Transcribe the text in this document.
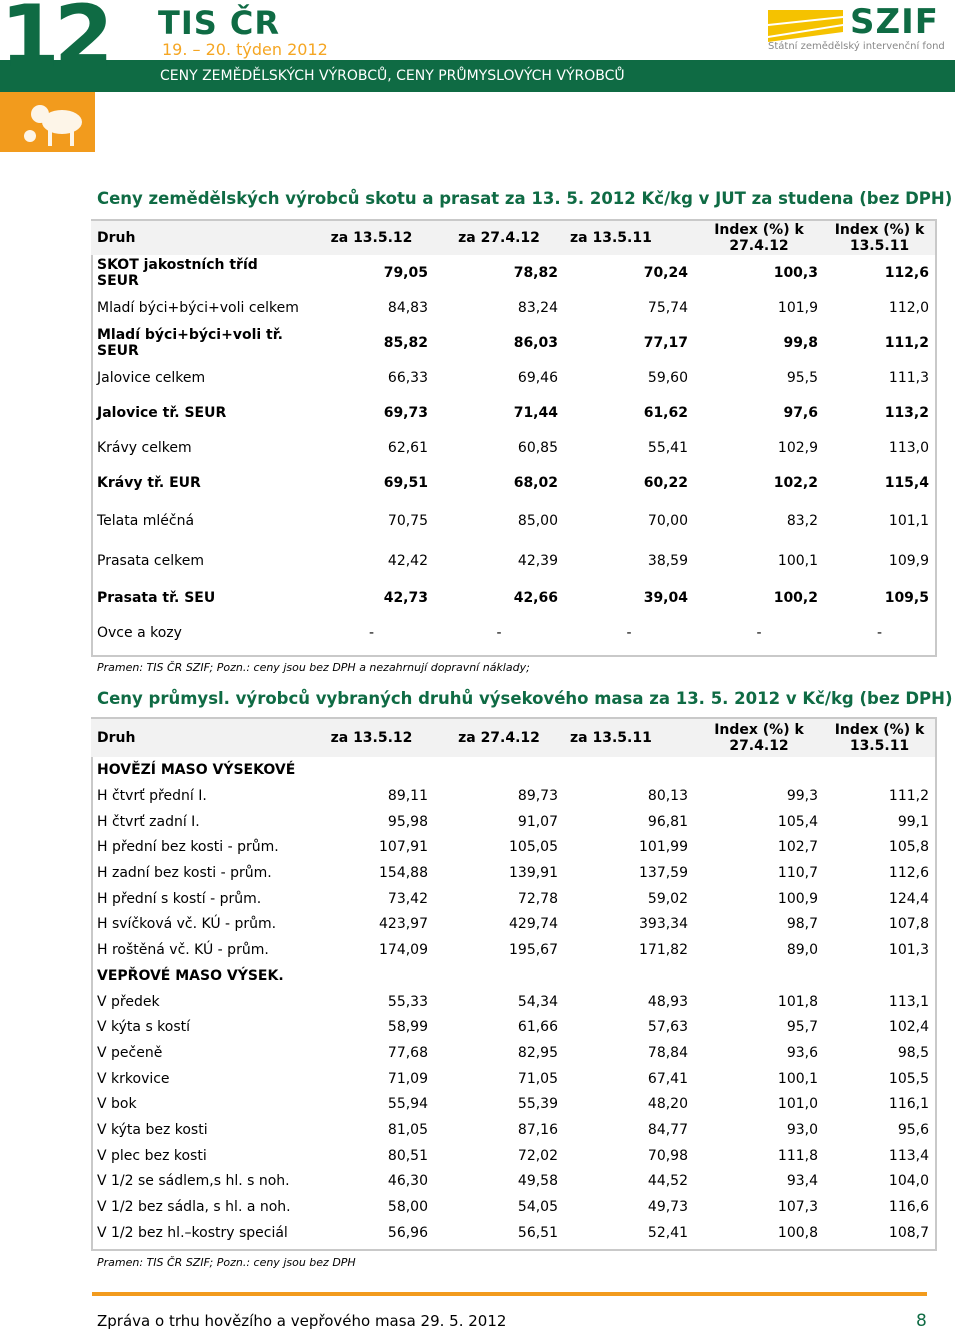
12 TIS ČR
19. – 20. týden 2012
CENY ZEMĚDĚLSKÝCH VÝROBCŮ, CENY PRŮMYSLOVÝCH VÝROBCŮ
SZIF
Státní zemědělský intervenční fond
Ceny zemědělských výrobců skotu a prasat za 13. 5. 2012 Kč/kg v JUT za studena (bez DPH)
Druh	za 13.5.12	za 27.4.12	za 13.5.11	Index (%) k 27.4.12	Index (%) k 13.5.11
SKOT jakostních tříd SEUR	79,05	78,82	70,24	100,3	112,6
Mladí býci+býci+voli celkem	84,83	83,24	75,74	101,9	112,0
Mladí býci+býci+voli tř. SEUR	85,82	86,03	77,17	99,8	111,2
Jalovice celkem	66,33	69,46	59,60	95,5	111,3
Jalovice tř. SEUR	69,73	71,44	61,62	97,6	113,2
Krávy celkem	62,61	60,85	55,41	102,9	113,0
Krávy tř. EUR	69,51	68,02	60,22	102,2	115,4
Telata mléčná	70,75	85,00	70,00	83,2	101,1
Prasata celkem	42,42	42,39	38,59	100,1	109,9
Prasata tř. SEU	42,73	42,66	39,04	100,2	109,5
Ovce a kozy	-	-	-	-	-
Pramen: TIS ČR SZIF; Pozn.: ceny jsou bez DPH a nezahrnují dopravní náklady;
Ceny průmysl. výrobců vybraných druhů výsekového masa za 13. 5. 2012 v Kč/kg (bez DPH)
Druh	za 13.5.12	za 27.4.12	za 13.5.11	Index (%) k 27.4.12	Index (%) k 13.5.11
HOVĚZÍ MASO VÝSEKOVÉ					
H čtvrť přední I.	89,11	89,73	80,13	99,3	111,2
H čtvrť zadní I.	95,98	91,07	96,81	105,4	99,1
H přední bez kosti - prům.	107,91	105,05	101,99	102,7	105,8
H zadní bez kosti - prům.	154,88	139,91	137,59	110,7	112,6
H přední s kostí - prům.	73,42	72,78	59,02	100,9	124,4
H svíčková vč. KÚ - prům.	423,97	429,74	393,34	98,7	107,8
H roštěná vč. KÚ - prům.	174,09	195,67	171,82	89,0	101,3
VEPŘOVÉ MASO VÝSEK.					
V předek	55,33	54,34	48,93	101,8	113,1
V kýta s kostí	58,99	61,66	57,63	95,7	102,4
V pečeně	77,68	82,95	78,84	93,6	98,5
V krkovice	71,09	71,05	67,41	100,1	105,5
V bok	55,94	55,39	48,20	101,0	116,1
V kýta bez kosti	81,05	87,16	84,77	93,0	95,6
V plec bez kosti	80,51	72,02	70,98	111,8	113,4
V 1/2 se sádlem,s hl. s noh.	46,30	49,58	44,52	93,4	104,0
V 1/2 bez sádla, s hl. a noh.	58,00	54,05	49,73	107,3	116,6
V 1/2 bez hl.–kostry speciál	56,96	56,51	52,41	100,8	108,7
Pramen: TIS ČR SZIF; Pozn.: ceny jsou bez DPH
Zpráva o trhu hovězího a vepřového masa 29. 5. 2012	8
